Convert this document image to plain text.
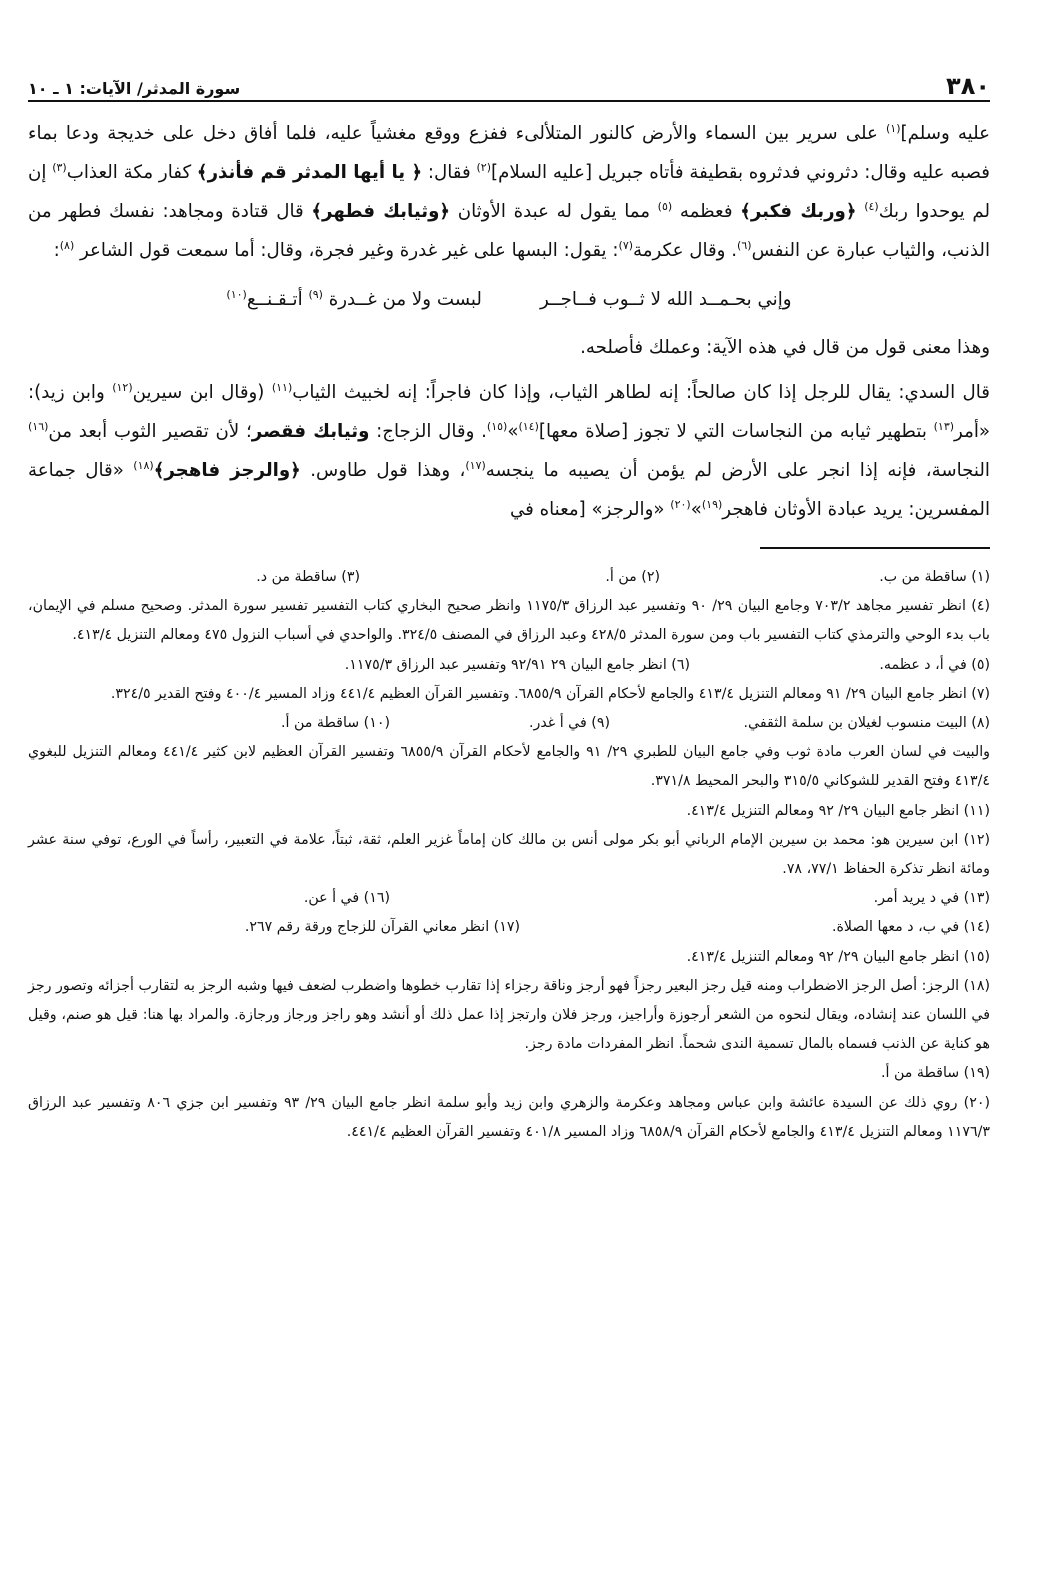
٣٨٠
سورة المدثر/ الآيات: ١ ـ ١٠

عليه وسلم]$^{(١)}$ على سرير بين السماء والأرض كالنور المتلألىء ففزع ووقع مغشياً عليه، فلما أفاق دخل على خديجة ودعا بماء فصبه عليه وقال: دثروني فدثروه بقطيفة فأتاه جبريل [عليه السلام]$^{(٢)}$ فقال: ﴿ يا أيها المدثر قم فأنذر﴾ كفار مكة العذاب$^{(٣)}$ إن لم يوحدوا ربك$^{(٤)}$ ﴿وربك فكبر﴾ فعظمه $^{(٥)}$ مما يقول له عبدة الأوثان ﴿وثيابك فطهر﴾ قال قتادة ومجاهد: نفسك فطهر من الذنب، والثياب عبارة عن النفس$^{(٦)}$. وقال عكرمة$^{(٧)}$: يقول: البسها على غير غدرة وغير فجرة، وقال: أما سمعت قول الشاعر $^{(٨)}$:

وإني بحـمــد الله لا ثــوب فــاجــر
لبست ولا من غــدرة $^{(٩)}$ أتـقـنــع$^{(١٠)}$

وهذا معنى قول من قال في هذه الآية: وعملك فأصلحه.

قال السدي: يقال للرجل إذا كان صالحاً: إنه لطاهر الثياب، وإذا كان فاجراً: إنه لخبيث الثياب$^{(١١)}$ (وقال ابن سيرين$^{(١٢)}$ وابن زيد): «أمر$^{(١٣)}$ بتطهير ثيابه من النجاسات التي لا تجوز [صلاة معها]$^{(١٤)}$»$^{(١٥)}$. وقال الزجاج: وثيابك فقصر؛ لأن تقصير الثوب أبعد من$^{(١٦)}$ النجاسة، فإنه إذا انجر على الأرض لم يؤمن أن يصيبه ما ينجسه$^{(١٧)}$، وهذا قول طاوس. ﴿والرجز فاهجر﴾$^{(١٨)}$ «قال جماعة المفسرين: يريد عبادة الأوثان فاهجر$^{(١٩)}$»$^{(٢٠)}$ «والرجز» [معناه في

(١) ساقطة من ب.
(٢) من أ.
(٣) ساقطة من د.

(٤) انظر تفسير مجاهد ٧٠٣/٢ وجامع البيان ٢٩/ ٩٠ وتفسير عبد الرزاق ١١٧٥/٣ وانظر صحيح البخاري كتاب التفسير تفسير سورة المدثر. وصحيح مسلم في الإيمان، باب بدء الوحي والترمذي كتاب التفسير باب ومن سورة المدثر ٤٢٨/٥ وعبد الرزاق في المصنف ٣٢٤/٥. والواحدي في أسباب النزول ٤٧٥ ومعالم التنزيل ٤١٣/٤.

(٥) في أ، د عظمه.
(٦) انظر جامع البيان ٢٩ ٩٢/٩١ وتفسير عبد الرزاق ١١٧٥/٣.

(٧) انظر جامع البيان ٢٩/ ٩١ ومعالم التنزيل ٤١٣/٤ والجامع لأحكام القرآن ٦٨٥٥/٩. وتفسير القرآن العظيم ٤٤١/٤ وزاد المسير ٤٠٠/٤ وفتح القدير ٣٢٤/٥.

(٨) البيت منسوب لغيلان بن سلمة الثقفي.
(٩) في أ غدر.
(١٠) ساقطة من أ.

والبيت في لسان العرب مادة ثوب وفي جامع البيان للطبري ٢٩/ ٩١ والجامع لأحكام القرآن ٦٨٥٥/٩ وتفسير القرآن العظيم لابن كثير ٤٤١/٤ ومعالم التنزيل للبغوي ٤١٣/٤ وفتح القدير للشوكاني ٣١٥/٥ والبحر المحيط ٣٧١/٨.

(١١) انظر جامع البيان ٢٩/ ٩٢ ومعالم التنزيل ٤١٣/٤.

(١٢) ابن سيرين هو: محمد بن سيرين الإمام الرباني أبو بكر مولى أنس بن مالك كان إماماً غزير العلم، ثقة، ثبتاً، علامة في التعبير، رأساً في الورع، توفي سنة عشر ومائة انظر تذكرة الحفاظ ٧٧/١، ٧٨.

(١٣) في د يريد أمر.
(١٦) في أ عن.
(١٤) في ب، د معها الصلاة.
(١٧) انظر معاني القرآن للزجاج ورقة رقم ٢٦٧.

(١٥) انظر جامع البيان ٢٩/ ٩٢ ومعالم التنزيل ٤١٣/٤.

(١٨) الرجز: أصل الرجز الاضطراب ومنه قيل رجز البعير رجزاً فهو أرجز وناقة رجزاء إذا تقارب خطوها واضطرب لضعف فيها وشبه الرجز به لتقارب أجزائه وتصور رجز في اللسان عند إنشاده، ويقال لنحوه من الشعر أرجوزة وأراجيز، ورجز فلان وارتجز إذا عمل ذلك أو أنشد وهو راجز ورجاز ورجازة. والمراد بها هنا: قيل هو صنم، وقيل هو كناية عن الذنب فسماه بالمال تسمية الندى شحماً. انظر المفردات مادة رجز.

(١٩) ساقطة من أ.

(٢٠) روي ذلك عن السيدة عائشة وابن عباس ومجاهد وعكرمة والزهري وابن زيد وأبو سلمة انظر جامع البيان ٢٩/ ٩٣ وتفسير ابن جزي ٨٠٦ وتفسير عبد الرزاق ١١٧٦/٣ ومعالم التنزيل ٤١٣/٤ والجامع لأحكام القرآن ٦٨٥٨/٩ وزاد المسير ٤٠١/٨ وتفسير القرآن العظيم ٤٤١/٤.
